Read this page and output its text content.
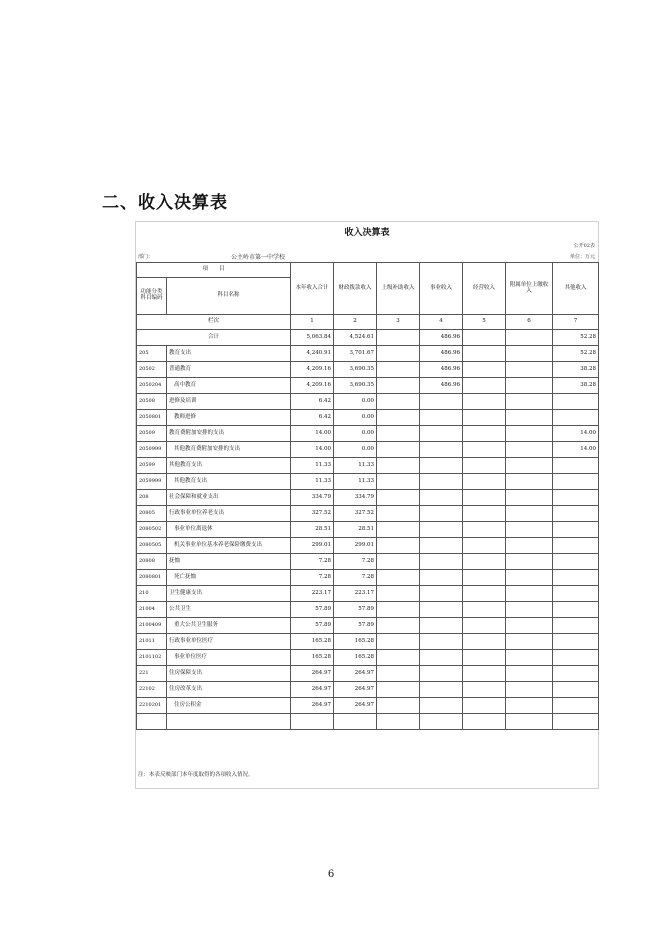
二、收入决算表
收入决算表
公开02表
部门：	公主岭市第一中学校	单位：万元
项　　目		本年收入合计	财政拨款收入	上级补助收入	事业收入	经营收入	附属单位上缴收入	其他收入
功能分类科目编码	科目名称							
栏次		1	2	3	4	5	6	7
合计		5,063.84	4,524.61		486.96			52.28
205	教育支出	4,240.91	3,701.67		486.96			52.28
20502	普通教育	4,209.16	3,690.35		486.96			38.28
2050204	高中教育	4,209.16	3,690.35		486.96			38.28
20508	进修及培训	6.42	0.00					
2050801	教师进修	6.42	0.00					
20509	教育费附加安排的支出	14.00	0.00					14.00
2050999	其他教育费附加安排的支出	14.00	0.00					14.00
20599	其他教育支出	11.33	11.33					
2059999	其他教育支出	11.33	11.33					
208	社会保障和就业支出	334.79	334.79					
20805	行政事业单位养老支出	327.52	327.52					
2080502	事业单位离退休	28.51	28.51					
2080505	机关事业单位基本养老保险缴费支出	299.01	299.01					
20808	抚恤	7.28	7.28					
2080801	死亡抚恤	7.28	7.28					
210	卫生健康支出	223.17	223.17					
21004	公共卫生	57.89	57.89					
2100409	重大公共卫生服务	57.89	57.89					
21011	行政事业单位医疗	165.28	165.28					
2101102	事业单位医疗	165.28	165.28					
221	住房保障支出	264.97	264.97					
22102	住房改革支出	264.97	264.97					
2210201	住房公积金	264.97	264.97					

注：本表反映部门本年度取得的各项收入情况。
6
